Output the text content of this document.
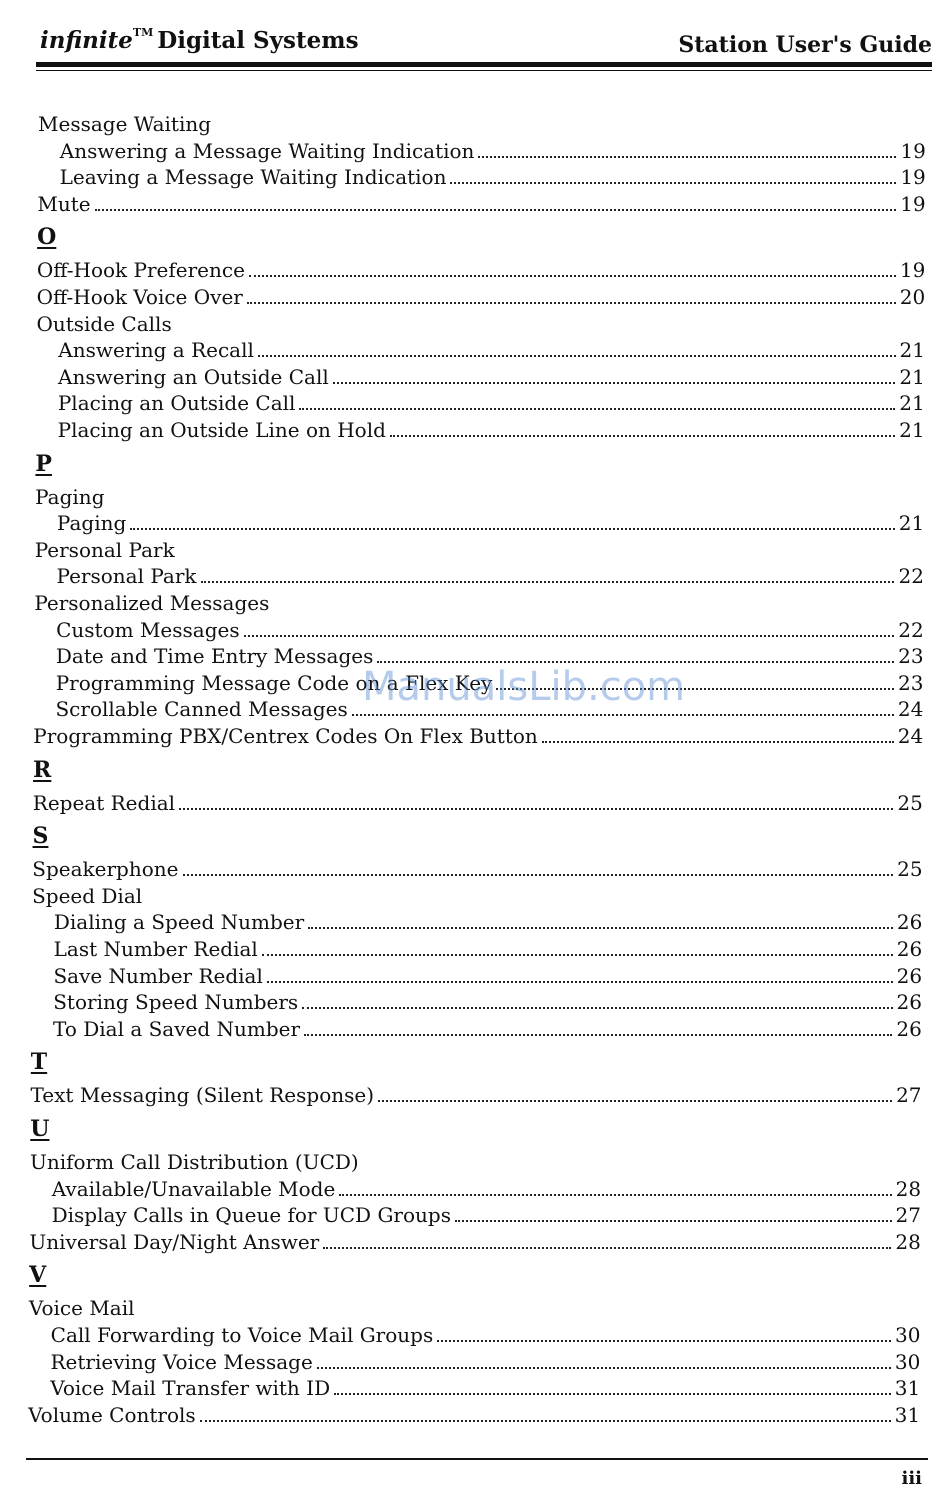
infinite™ Digital Systems	Station User's Guide
Message Waiting
Answering a Message Waiting Indication	19
Leaving a Message Waiting Indication	19
Mute	19
O
Off-Hook Preference	19
Off-Hook Voice Over	20
Outside Calls
Answering a Recall	21
Answering an Outside Call	21
Placing an Outside Call	21
Placing an Outside Line on Hold	21
P
Paging
Paging	21
Personal Park
Personal Park	22
Personalized Messages
Custom Messages	22
Date and Time Entry Messages	23
Programming Message Code on a Flex Key	23
Scrollable Canned Messages	24
Programming PBX/Centrex Codes On Flex Button	24
R
Repeat Redial	25
S
Speakerphone	25
Speed Dial
Dialing a Speed Number	26
Last Number Redial	26
Save Number Redial	26
Storing Speed Numbers	26
To Dial a Saved Number	26
T
Text Messaging (Silent Response)	27
U
Uniform Call Distribution (UCD)
Available/Unavailable Mode	28
Display Calls in Queue for UCD Groups	27
Universal Day/Night Answer	28
V
Voice Mail
Call Forwarding to Voice Mail Groups	30
Retrieving Voice Message	30
Voice Mail Transfer with ID	31
Volume Controls	31
ManualsLib.com
iii
